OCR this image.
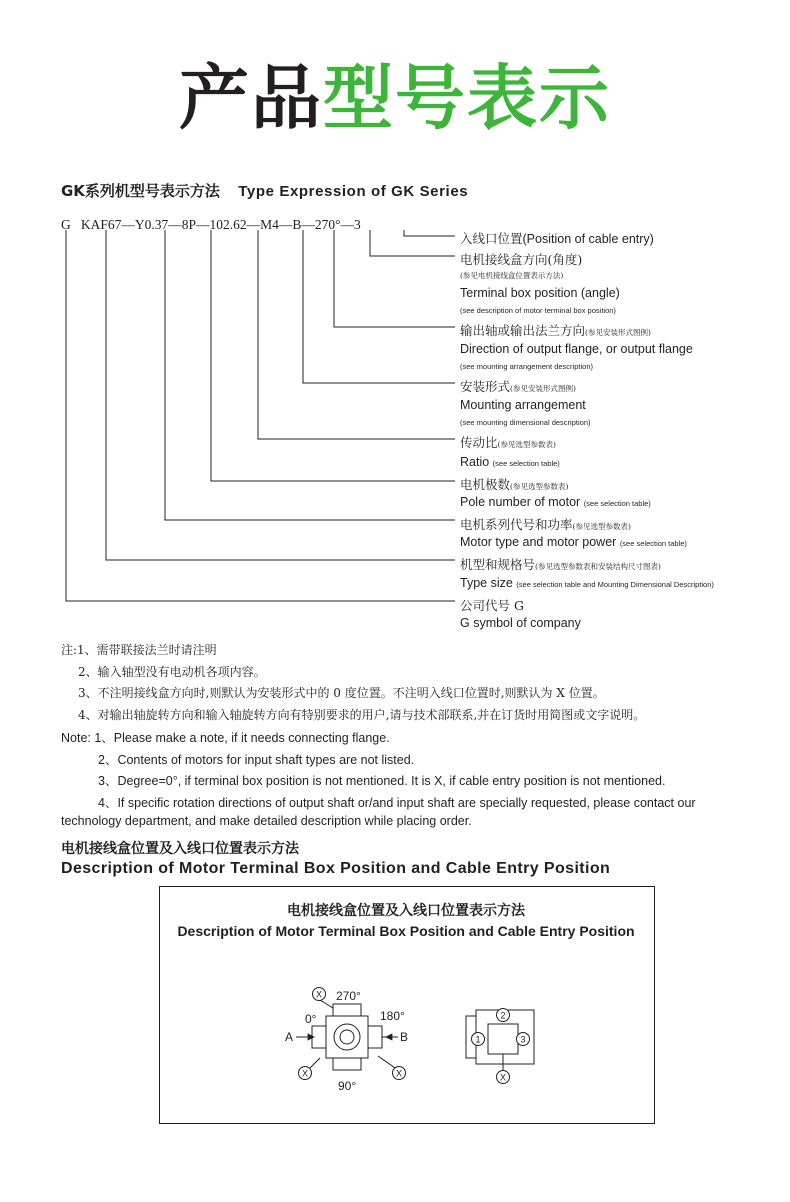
产品型号表示
GK系列机型号表示方法 Type Expression of GK Series
G   KAF67—Y0.37—8P—102.62—M4—B—270°—3
入线口位置(Position of cable entry)
电机接线盒方向(角度)
(参见电机接线盒位置表示方法)
Terminal box position (angle)
(see description of motor terminal box position)
输出轴或输出法兰方向(参见安装形式图例)
Direction of output flange, or output flange
(see mounting arrangement description)
安装形式(参见安装形式图例)
Mounting arrangement
(see mounting dimensional description)
传动比(参见选型参数表)
Ratio (see selection table)
电机极数(参见选型参数表)
Pole number of motor (see selection table)
电机系列代号和功率(参见选型参数表)
Motor type and motor power (see selection table)
机型和规格号(参见选型参数表和安装结构尺寸图表)
Type size (see selection table and Mounting Dimensional Description)
公司代号 G
G symbol of company
注:1、需带联接法兰时请注明
2、输入轴型没有电动机各项内容。
3、不注明接线盒方向时,则默认为安装形式中的 0 度位置。不注明入线口位置时,则默认为 X 位置。
4、对输出轴旋转方向和输入轴旋转方向有特别要求的用户,请与技术部联系,并在订货时用简图或文字说明。
Note: 1、Please make a note, if it needs connecting flange.
2、Contents of motors for input shaft types are not listed.
3、Degree=0°, if terminal box position is not mentioned. It is X, if cable entry position is not mentioned.
4、If specific rotation directions of output shaft or/and input shaft are specially requested, please contact our
technology department, and make detailed description while placing order.
电机接线盒位置及入线口位置表示方法
Description of Motor Terminal Box Position and Cable Entry Position
电机接线盒位置及入线口位置表示方法
Description of Motor Terminal Box Position and Cable Entry Position
X
X	X	X
1
2
3
270°
0°	180°
90°
A	B
